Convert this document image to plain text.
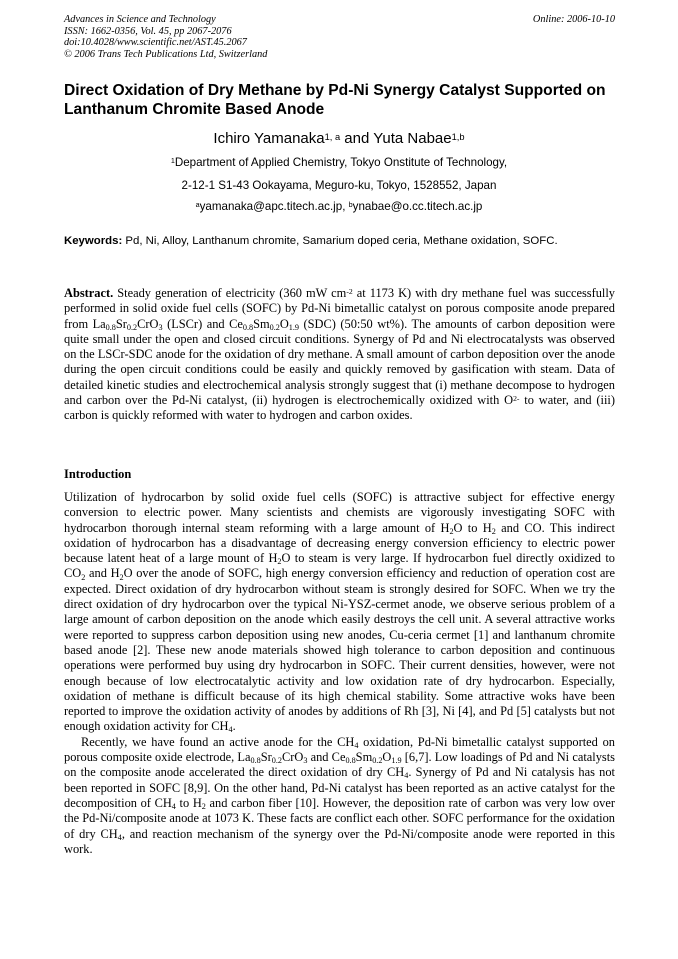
Advances in Science and Technology
ISSN: 1662-0356, Vol. 45, pp 2067-2076
doi:10.4028/www.scientific.net/AST.45.2067
© 2006 Trans Tech Publications Ltd, Switzerland
Online: 2006-10-10
Direct Oxidation of Dry Methane by Pd-Ni Synergy Catalyst Supported on
Lanthanum Chromite Based Anode
Ichiro Yamanaka$^{1, a}$ and Yuta Nabae$^{1,b}$
$^1$Department of Applied Chemistry, Tokyo Onstitute of Technology,
2-12-1 S1-43 Ookayama, Meguro-ku, Tokyo, 1528552, Japan
$^a$yamanaka@apc.titech.ac.jp, $^b$ynabae@o.cc.titech.ac.jp
Keywords: Pd, Ni, Alloy, Lanthanum chromite, Samarium doped ceria, Methane oxidation, SOFC.

Abstract. Steady generation of electricity (360 mW $cm^{-2}$ at 1173 K) with dry methane fuel was successfully performed in solid oxide fuel cells (SOFC) by Pd-Ni bimetallic catalyst on porous composite anode prepared from $La_{0.8}Sr_{0.2}CrO_3$ (LSCr) and $Ce_{0.8}Sm_{0.2}O_{1.9}$ (SDC) (50:50 wt%). The amounts of carbon deposition were quite small under the open and closed circuit conditions. Synergy of Pd and Ni electrocatalysts was observed on the LSCr-SDC anode for the oxidation of dry methane. A small amount of carbon deposition over the anode during the open circuit conditions could be easily and quickly removed by gasification with steam. Data of detailed kinetic studies and electrochemical analysis strongly suggest that (i) methane decompose to hydrogen and carbon over the Pd-Ni catalyst, (ii) hydrogen is electrochemically oxidized with $O^{2-}$ to water, and (iii) carbon is quickly reformed with water to hydrogen and carbon oxides.

Introduction

Utilization of hydrocarbon by solid oxide fuel cells (SOFC) is attractive subject for effective energy conversion to electric power. Many scientists and chemists are vigorously investigating SOFC with hydrocarbon thorough internal steam reforming with a large amount of $H_2O$ to $H_2$ and CO. This indirect oxidation of hydrocarbon has a disadvantage of decreasing energy conversion efficiency to electric power because latent heat of a large mount of $H_2O$ to steam is very large. If hydrocarbon fuel directly oxidized to $CO_2$ and $H_2O$ over the anode of SOFC, high energy conversion efficiency and reduction of operation cost are expected. Direct oxidation of dry hydrocarbon without steam is strongly desired for SOFC. When we try the direct oxidation of dry hydrocarbon over the typical Ni-YSZ-cermet anode, we observe serious problem of a large amount of carbon deposition on the anode which easily destroys the cell unit. A several attractive works were reported to suppress carbon deposition using new anodes, Cu-ceria cermet [1] and lanthanum chromite based anode [2]. These new anode materials showed high tolerance to carbon deposition and continuous operations were performed buy using dry hydrocarbon in SOFC. Their current densities, however, were not enough because of low electrocatalytic activity and low oxidation rate of dry hydrocarbon. Especially, oxidation of methane is difficult because of its high chemical stability. Some attractive woks have been reported to improve the oxidation activity of anodes by additions of Rh [3], Ni [4], and Pd [5] catalysts but not enough oxidation activity for $CH_4$.

Recently, we have found an active anode for the $CH_4$ oxidation, Pd-Ni bimetallic catalyst supported on porous composite oxide electrode, $La_{0.8}Sr_{0.2}CrO_3$ and $Ce_{0.8}Sm_{0.2}O_{1.9}$ [6,7]. Low loadings of Pd and Ni catalysts on the composite anode accelerated the direct oxidation of dry $CH_4$. Synergy of Pd and Ni catalysis has not been reported in SOFC [8,9]. On the other hand, Pd-Ni catalyst has been reported as an active catalyst for the decomposition of $CH_4$ to $H_2$ and carbon fiber [10]. However, the deposition rate of carbon was very low over the Pd-Ni/composite anode at 1073 K. These facts are conflict each other. SOFC performance for the oxidation of dry $CH_4$, and reaction mechanism of the synergy over the Pd-Ni/composite anode were reported in this work.
